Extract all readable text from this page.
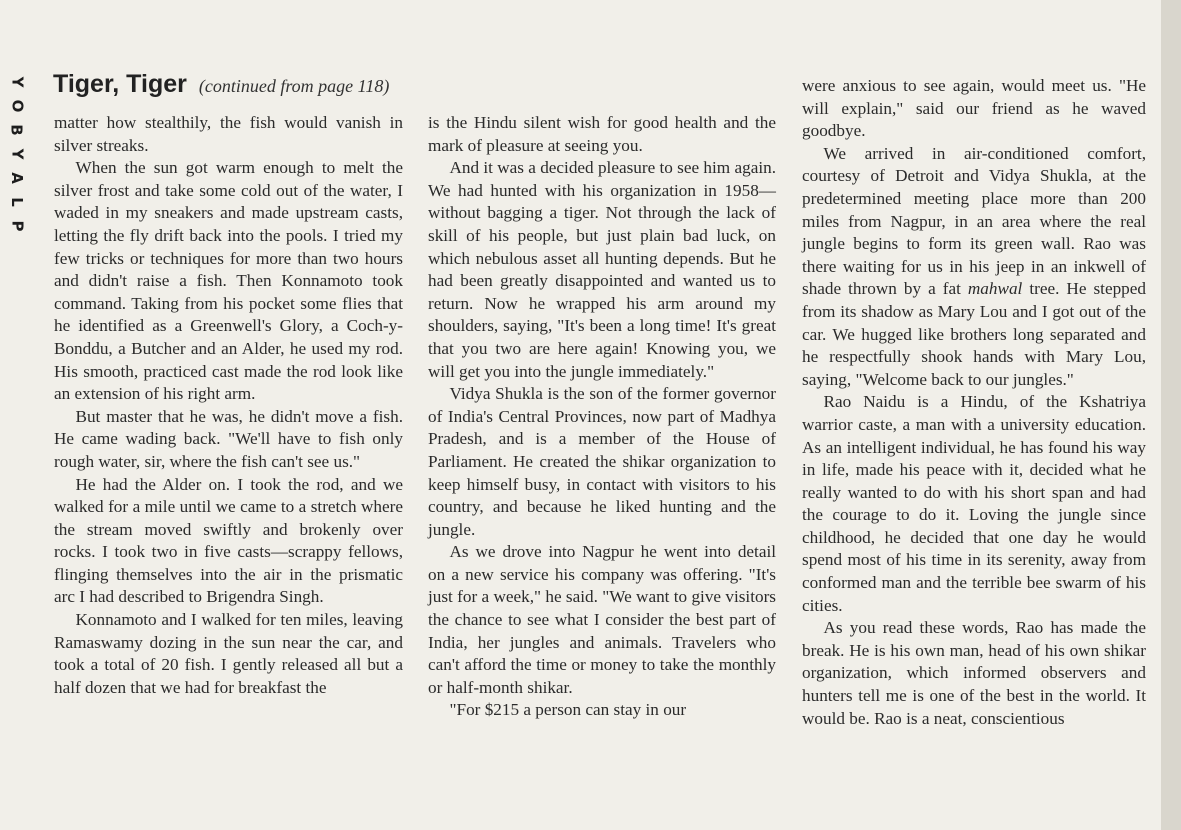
Y
O
B
Y
A
L
P
Tiger, Tiger (continued from page 118)

matter how stealthily, the fish would vanish in silver streaks.

When the sun got warm enough to melt the silver frost and take some cold out of the water, I waded in my sneakers and made upstream casts, letting the fly drift back into the pools. I tried my few tricks or techniques for more than two hours and didn't raise a fish. Then Konnamoto took command. Taking from his pocket some flies that he identified as a Greenwell's Glory, a Coch-y-Bonddu, a Butcher and an Alder, he used my rod. His smooth, practiced cast made the rod look like an extension of his right arm.

But master that he was, he didn't move a fish. He came wading back. "We'll have to fish only rough water, sir, where the fish can't see us."

He had the Alder on. I took the rod, and we walked for a mile until we came to a stretch where the stream moved swiftly and brokenly over rocks. I took two in five casts—scrappy fellows, flinging themselves into the air in the prismatic arc I had described to Brigendra Singh.

Konnamoto and I walked for ten miles, leaving Ramaswamy dozing in the sun near the car, and took a total of 20 fish. I gently released all but a half dozen that we had for breakfast the

is the Hindu silent wish for good health and the mark of pleasure at seeing you.

And it was a decided pleasure to see him again. We had hunted with his organization in 1958—without bagging a tiger. Not through the lack of skill of his people, but just plain bad luck, on which nebulous asset all hunting depends. But he had been greatly disappointed and wanted us to return. Now he wrapped his arm around my shoulders, saying, "It's been a long time! It's great that you two are here again! Knowing you, we will get you into the jungle immediately."

Vidya Shukla is the son of the former governor of India's Central Provinces, now part of Madhya Pradesh, and is a member of the House of Parliament. He created the shikar organization to keep himself busy, in contact with visitors to his country, and because he liked hunting and the jungle.

As we drove into Nagpur he went into detail on a new service his company was offering. "It's just for a week," he said. "We want to give visitors the chance to see what I consider the best part of India, her jungles and animals. Travelers who can't afford the time or money to take the monthly or half-month shikar.

"For $215 a person can stay in our

were anxious to see again, would meet us. "He will explain," said our friend as he waved goodbye.

We arrived in air-conditioned comfort, courtesy of Detroit and Vidya Shukla, at the predetermined meeting place more than 200 miles from Nagpur, in an area where the real jungle begins to form its green wall. Rao was there waiting for us in his jeep in an inkwell of shade thrown by a fat mahwal tree. He stepped from its shadow as Mary Lou and I got out of the car. We hugged like brothers long separated and he respectfully shook hands with Mary Lou, saying, "Welcome back to our jungles."

Rao Naidu is a Hindu, of the Kshatriya warrior caste, a man with a university education. As an intelligent individual, he has found his way in life, made his peace with it, decided what he really wanted to do with his short span and had the courage to do it. Loving the jungle since childhood, he decided that one day he would spend most of his time in its serenity, away from conformed man and the terrible bee swarm of his cities.

As you read these words, Rao has made the break. He is his own man, head of his own shikar organization, which informed observers and hunters tell me is one of the best in the world. It would be. Rao is a neat, conscientious
